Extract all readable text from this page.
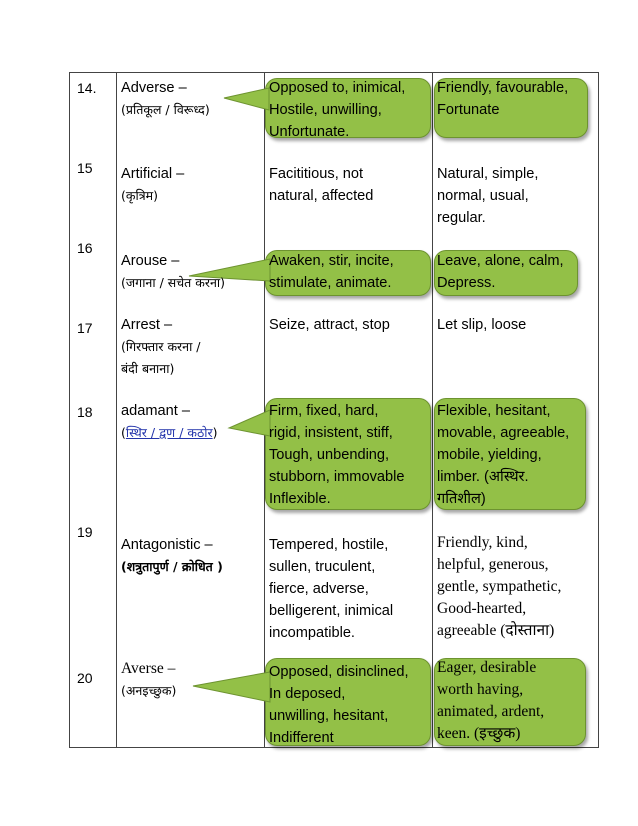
14. Adverse –
(प्रतिकूल / विरूध्द)
Opposed to, inimical,
Hostile, unwilling,
Unfortunate.
Friendly, favourable,
Fortunate
15 Artificial –
(कृत्रिम)
Facititious, not
natural, affected
Natural, simple,
normal, usual,
regular.
16
Arouse –
(जगाना / सचेत करना)
Awaken, stir, incite,
stimulate, animate.
Leave, alone, calm,
Depress.
17 Arrest –
(गिरफ्तार करना /
बंदी बनाना)
Seize, attract, stop	Let slip, loose
18 adamant –
(स्थिर / द्वण / कठोर)
Firm, fixed, hard,
rigid, insistent, stiff,
Tough, unbending,
stubborn, immovable
Inflexible.
Flexible, hesitant,
movable, agreeable,
mobile, yielding,
limber. (अस्थिर.
गतिशील)
19
Antagonistic –
(शत्रुतापुर्ण / क्रोधित )
Tempered, hostile,
sullen, truculent,
fierce, adverse,
belligerent, inimical
incompatible.
Friendly, kind,
helpful, generous,
gentle, sympathetic,
Good-hearted,
agreeable (दोस्ताना)
20
Averse –
(अनइच्छुक)
Opposed, disinclined,
In deposed,
unwilling, hesitant,
Indifferent
Eager, desirable
worth having,
animated, ardent,
keen. (इच्छुक)
